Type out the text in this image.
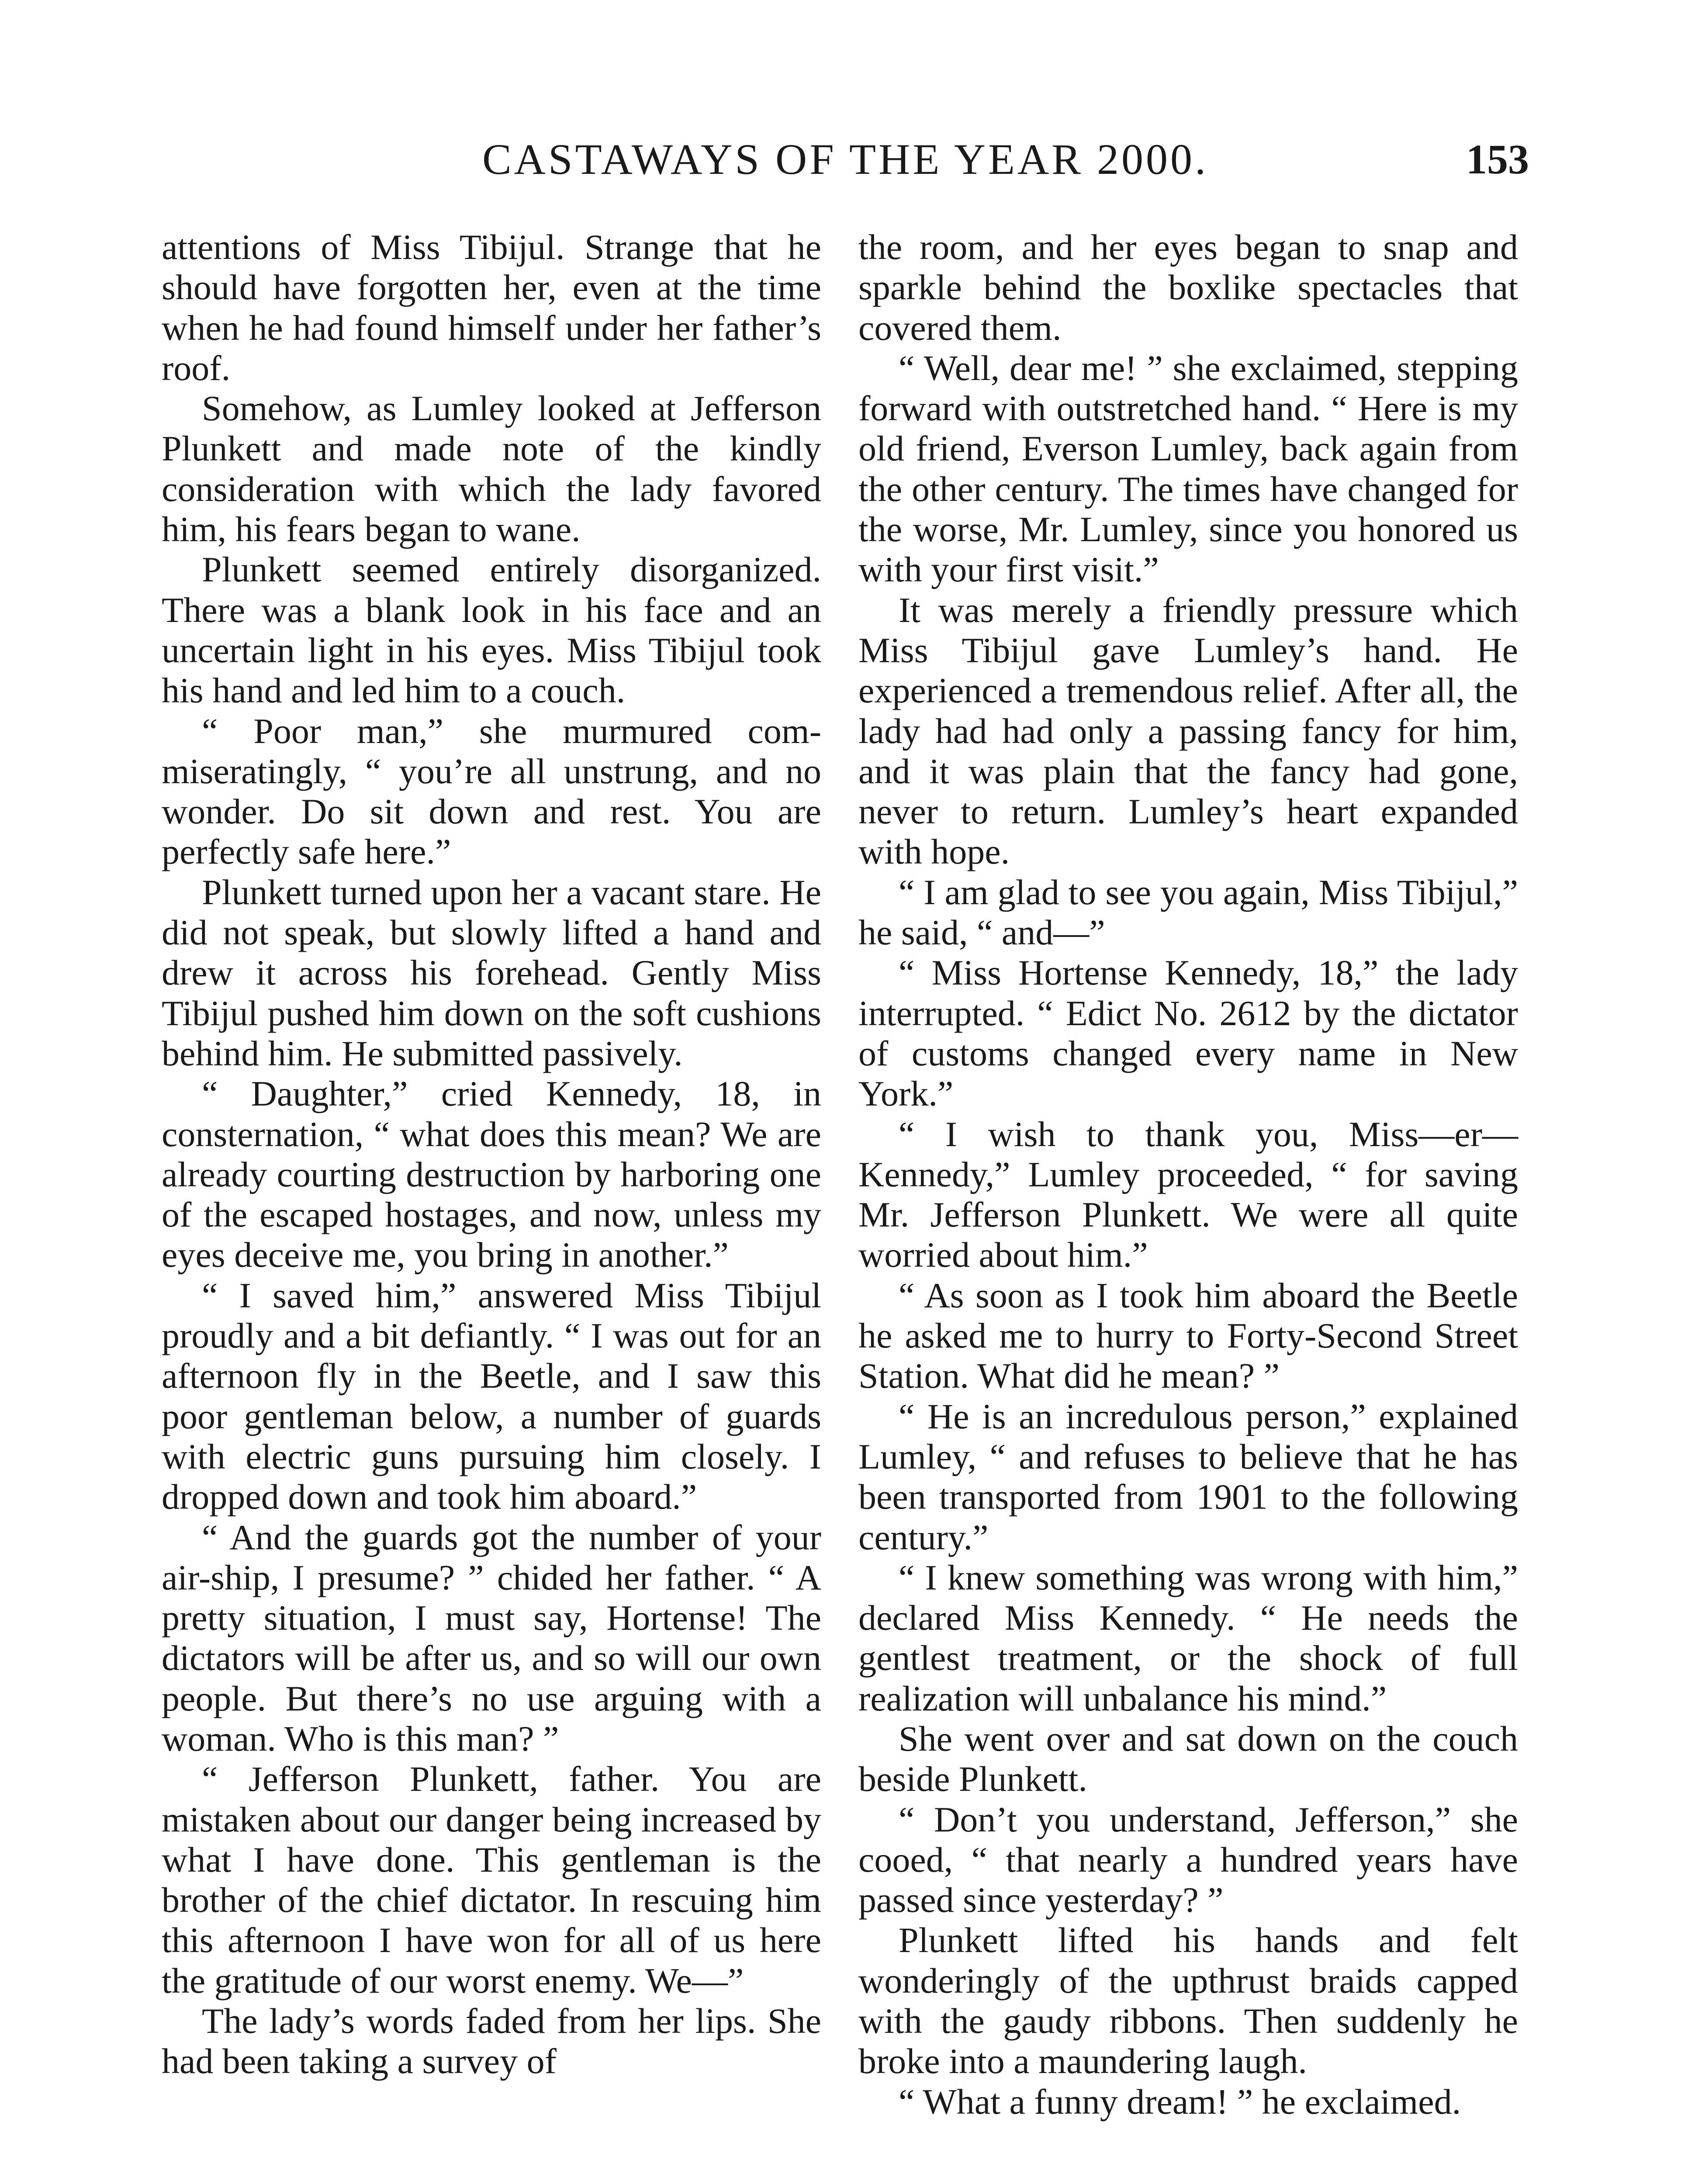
CASTAWAYS OF THE YEAR 2000.	153

attentions of Miss Tibijul. Strange that he should have forgotten her, even at the time when he had found himself under her father’s roof.

Somehow, as Lumley looked at Jefferson Plunkett and made note of the kindly consideration with which the lady favored him, his fears began to wane.

Plunkett seemed entirely disorganized. There was a blank look in his face and an uncertain light in his eyes. Miss Tibijul took his hand and led him to a couch.

“ Poor man,” she murmured commiseratingly, “ you’re all unstrung, and no wonder. Do sit down and rest. You are perfectly safe here.”

Plunkett turned upon her a vacant stare. He did not speak, but slowly lifted a hand and drew it across his forehead. Gently Miss Tibijul pushed him down on the soft cushions behind him. He submitted passively.

“ Daughter,” cried Kennedy, 18, in consternation, “ what does this mean? We are already courting destruction by harboring one of the escaped hostages, and now, unless my eyes deceive me, you bring in another.”

“ I saved him,” answered Miss Tibijul proudly and a bit defiantly. “ I was out for an afternoon fly in the Beetle, and I saw this poor gentleman below, a number of guards with electric guns pursuing him closely. I dropped down and took him aboard.”

“ And the guards got the number of your air-ship, I presume? ” chided her father. “ A pretty situation, I must say, Hortense! The dictators will be after us, and so will our own people. But there’s no use arguing with a woman. Who is this man? ”

“ Jefferson Plunkett, father. You are mistaken about our danger being increased by what I have done. This gentleman is the brother of the chief dictator. In rescuing him this afternoon I have won for all of us here the gratitude of our worst enemy. We—”

The lady’s words faded from her lips. She had been taking a survey of

the room, and her eyes began to snap and sparkle behind the boxlike spectacles that covered them.

“ Well, dear me! ” she exclaimed, stepping forward with outstretched hand. “ Here is my old friend, Everson Lumley, back again from the other century. The times have changed for the worse, Mr. Lumley, since you honored us with your first visit.”

It was merely a friendly pressure which Miss Tibijul gave Lumley’s hand. He experienced a tremendous relief. After all, the lady had had only a passing fancy for him, and it was plain that the fancy had gone, never to return. Lumley’s heart expanded with hope.

“ I am glad to see you again, Miss Tibijul,” he said, “ and—”

“ Miss Hortense Kennedy, 18,” the lady interrupted. “ Edict No. 2612 by the dictator of customs changed every name in New York.”

“ I wish to thank you, Miss—er—Kennedy,” Lumley proceeded, “ for saving Mr. Jefferson Plunkett. We were all quite worried about him.”

“ As soon as I took him aboard the Beetle he asked me to hurry to Forty-Second Street Station. What did he mean? ”

“ He is an incredulous person,” explained Lumley, “ and refuses to believe that he has been transported from 1901 to the following century.”

“ I knew something was wrong with him,” declared Miss Kennedy. “ He needs the gentlest treatment, or the shock of full realization will unbalance his mind.”

She went over and sat down on the couch beside Plunkett.

“ Don’t you understand, Jefferson,” she cooed, “ that nearly a hundred years have passed since yesterday? ”

Plunkett lifted his hands and felt wonderingly of the upthrust braids capped with the gaudy ribbons. Then suddenly he broke into a maundering laugh.

“ What a funny dream! ” he exclaimed.
